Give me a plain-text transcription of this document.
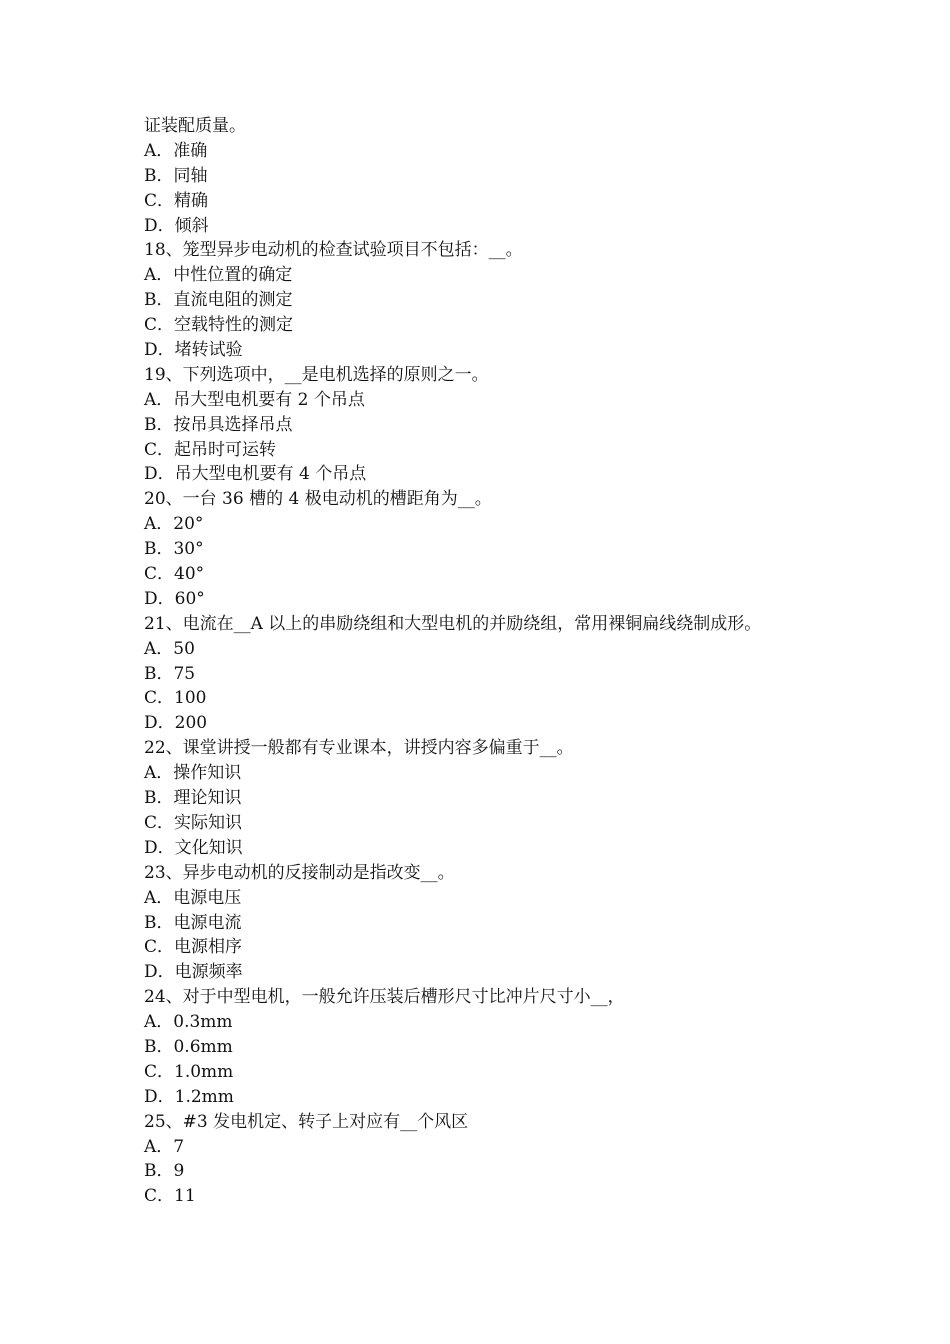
证装配质量。

A．准确

B．同轴

C．精确

D．倾斜

18、笼型异步电动机的检查试验项目不包括：__。

A．中性位置的确定

B．直流电阻的测定

C．空载特性的测定

D．堵转试验

19、下列选项中，__是电机选择的原则之一。

A．吊大型电机要有 2 个吊点

B．按吊具选择吊点

C．起吊时可运转

D．吊大型电机要有 4 个吊点

20、一台 36 槽的 4 极电动机的槽距角为__。

A．20°

B．30°

C．40°

D．60°

21、电流在__A 以上的串励绕组和大型电机的并励绕组，常用裸铜扁线绕制成形。

A．50

B．75

C．100

D．200

22、课堂讲授一般都有专业课本，讲授内容多偏重于__。

A．操作知识

B．理论知识

C．实际知识

D．文化知识

23、异步电动机的反接制动是指改变__。

A．电源电压

B．电源电流

C．电源相序

D．电源频率

24、对于中型电机，一般允许压装后槽形尺寸比冲片尺寸小__，

A．0.3mm

B．0.6mm

C．1.0mm

D．1.2mm

25、#3 发电机定、转子上对应有__个风区

A．7

B．9

C．11
